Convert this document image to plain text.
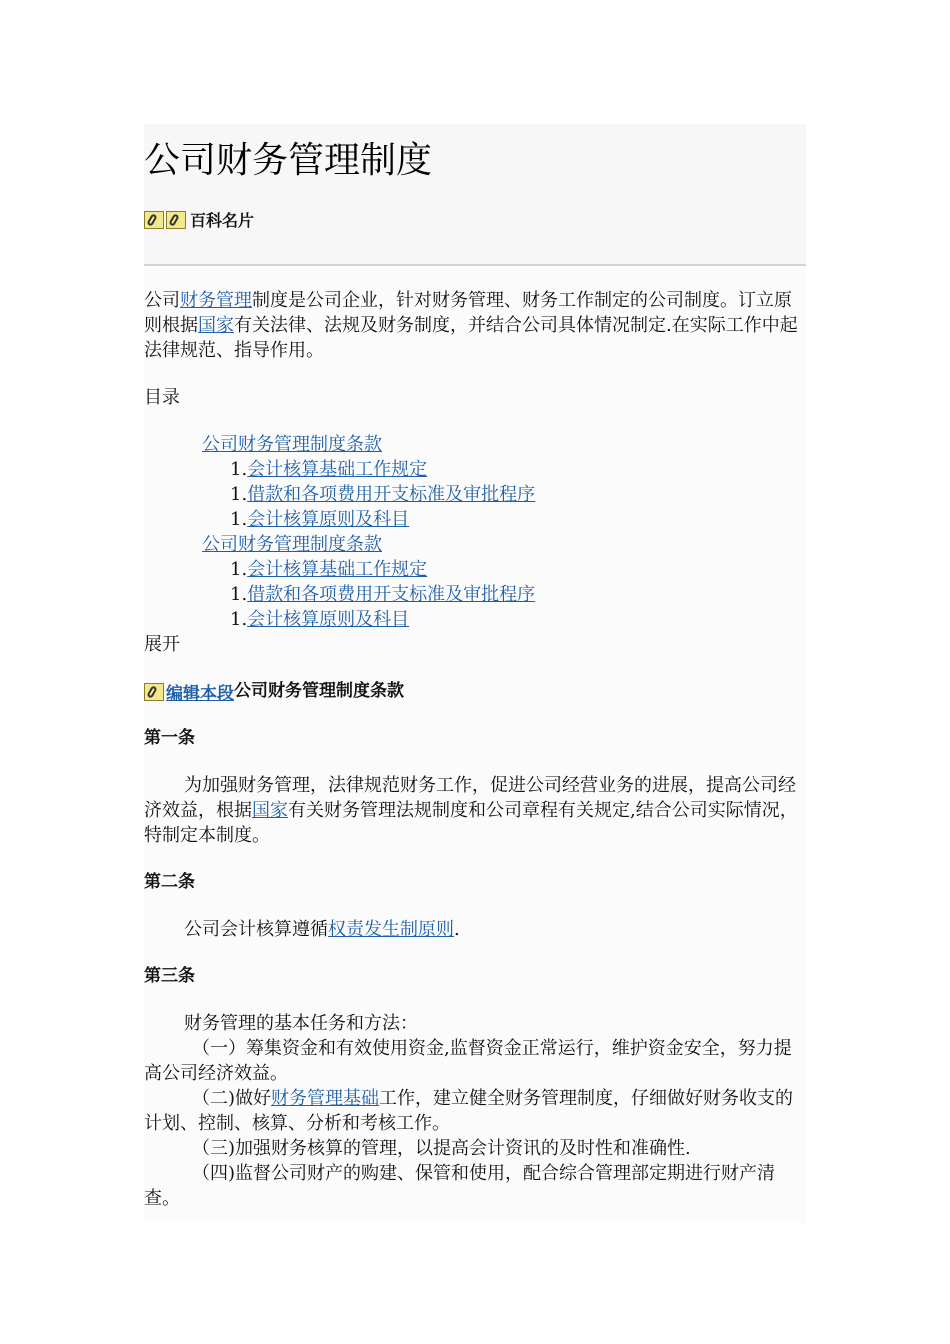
公司财务管理制度
百科名片

公司财务管理制度是公司企业，针对财务管理、财务工作制定的公司制度。订立原则根据国家有关法律、法规及财务制度，并结合公司具体情况制定.在实际工作中起法律规范、指导作用。

目录

公司财务管理制度条款
1.会计核算基础工作规定
1.借款和各项费用开支标准及审批程序
1.会计核算原则及科目
公司财务管理制度条款
1.会计核算基础工作规定
1.借款和各项费用开支标准及审批程序
1.会计核算原则及科目

展开

编辑本段 公司财务管理制度条款

第一条

为加强财务管理，法律规范财务工作，促进公司经营业务的进展，提高公司经济效益，根据国家有关财务管理法规制度和公司章程有关规定,结合公司实际情况，特制定本制度。

第二条

公司会计核算遵循权责发生制原则.

第三条

财务管理的基本任务和方法：

（一）筹集资金和有效使用资金,监督资金正常运行，维护资金安全，努力提高公司经济效益。

（二)做好财务管理基础工作，建立健全财务管理制度，仔细做好财务收支的计划、控制、核算、分析和考核工作。

（三)加强财务核算的管理，以提高会计资讯的及时性和准确性.

（四)监督公司财产的购建、保管和使用，配合综合管理部定期进行财产清查。
